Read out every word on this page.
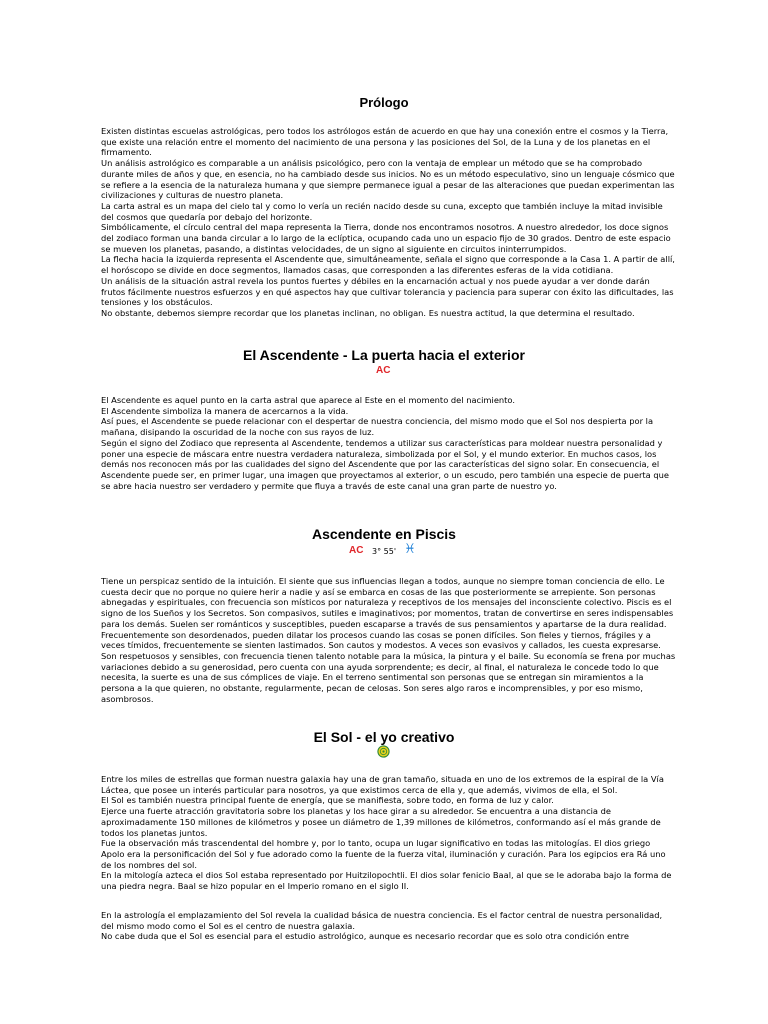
Prólogo

Existen distintas escuelas astrológicas, pero todos los astrólogos están de acuerdo en que hay una conexión entre el cosmos y la Tierra, que existe una relación entre el momento del nacimiento de una persona y las posiciones del Sol, de la Luna y de los planetas en el firmamento.

Un análisis astrológico es comparable a un análisis psicológico, pero con la ventaja de emplear un método que se ha comprobado durante miles de años y que, en esencia, no ha cambiado desde sus inicios. No es un método especulativo, sino un lenguaje cósmico que se refiere a la esencia de la naturaleza humana y que siempre permanece igual a pesar de las alteraciones que puedan experimentan las civilizaciones y culturas de nuestro planeta.

La carta astral es un mapa del cielo tal y como lo vería un recién nacido desde su cuna, excepto que también incluye la mitad invisible del cosmos que quedaría por debajo del horizonte.

Simbólicamente, el círculo central del mapa representa la Tierra, donde nos encontramos nosotros. A nuestro alrededor, los doce signos del zodiaco forman una banda circular a lo largo de la eclíptica, ocupando cada uno un espacio fijo de 30 grados. Dentro de este espacio se mueven los planetas, pasando, a distintas velocidades, de un signo al siguiente en circuitos ininterrumpidos.

La flecha hacia la izquierda representa el Ascendente que, simultáneamente, señala el signo que corresponde a la Casa 1. A partir de allí, el horóscopo se divide en doce segmentos, llamados casas, que corresponden a las diferentes esferas de la vida cotidiana.

Un análisis de la situación astral revela los puntos fuertes y débiles en la encarnación actual y nos puede ayudar a ver donde darán frutos fácilmente nuestros esfuerzos y en qué aspectos hay que cultivar tolerancia y paciencia para superar con éxito las dificultades, las tensiones y los obstáculos.

No obstante, debemos siempre recordar que los planetas inclinan, no obligan. Es nuestra actitud, la que determina el resultado.

El Ascendente - La puerta hacia el exterior
AC

El Ascendente es aquel punto en la carta astral que aparece al Este en el momento del nacimiento.

El Ascendente simboliza la manera de acercarnos a la vida.

Así pues, el Ascendente se puede relacionar con el despertar de nuestra conciencia, del mismo modo que el Sol nos despierta por la mañana, disipando la oscuridad de la noche con sus rayos de luz.

Según el signo del Zodiaco que representa al Ascendente, tendemos a utilizar sus características para moldear nuestra personalidad y poner una especie de máscara entre nuestra verdadera naturaleza, simbolizada por el Sol, y el mundo exterior. En muchos casos, los demás nos reconocen más por las cualidades del signo del Ascendente que por las características del signo solar. En consecuencia, el Ascendente puede ser, en primer lugar, una imagen que proyectamos al exterior, o un escudo, pero también una especie de puerta que se abre hacia nuestro ser verdadero y permite que fluya a través de este canal una gran parte de nuestro yo.

Ascendente en Piscis
AC 3° 55' ♓

Tiene un perspicaz sentido de la intuición. El siente que sus influencias llegan a todos, aunque no siempre toman conciencia de ello. Le cuesta decir que no porque no quiere herir a nadie y así se embarca en cosas de las que posteriormente se arrepiente. Son personas abnegadas y espirituales, con frecuencia son místicos por naturaleza y receptivos de los mensajes del inconsciente colectivo. Piscis es el signo de los Sueños y los Secretos. Son compasivos, sutiles e imaginativos; por momentos, tratan de convertirse en seres indispensables para los demás. Suelen ser románticos y susceptibles, pueden escaparse a través de sus pensamientos y apartarse de la dura realidad. Frecuentemente son desordenados, pueden dilatar los procesos cuando las cosas se ponen difíciles. Son fieles y tiernos, frágiles y a veces tímidos, frecuentemente se sienten lastimados. Son cautos y modestos. A veces son evasivos y callados, les cuesta expresarse. Son respetuosos y sensibles, con frecuencia tienen talento notable para la música, la pintura y el baile. Su economía se frena por muchas variaciones debido a su generosidad, pero cuenta con una ayuda sorprendente; es decir, al final, el naturaleza le concede todo lo que necesita, la suerte es una de sus cómplices de viaje. En el terreno sentimental son personas que se entregan sin miramientos a la persona a la que quieren, no obstante, regularmente, pecan de celosas. Son seres algo raros e incomprensibles, y por eso mismo, asombrosos.

El Sol - el yo creativo

Entre los miles de estrellas que forman nuestra galaxia hay una de gran tamaño, situada en uno de los extremos de la espiral de la Vía Láctea, que posee un interés particular para nosotros, ya que existimos cerca de ella y, que además, vivimos de ella, el Sol.

El Sol es también nuestra principal fuente de energía, que se manifiesta, sobre todo, en forma de luz y calor.

Ejerce una fuerte atracción gravitatoria sobre los planetas y los hace girar a su alrededor. Se encuentra a una distancia de aproximadamente 150 millones de kilómetros y posee un diámetro de 1,39 millones de kilómetros, conformando así el más grande de todos los planetas juntos.

Fue la observación más trascendental del hombre y, por lo tanto, ocupa un lugar significativo en todas las mitologías. El dios griego Apolo era la personificación del Sol y fue adorado como la fuente de la fuerza vital, iluminación y curación. Para los egipcios era Rá uno de los nombres del sol.

En la mitología azteca el dios Sol estaba representado por Huitzilopochtli. El dios solar fenicio Baal, al que se le adoraba bajo la forma de una piedra negra. Baal se hizo popular en el Imperio romano en el siglo II.

En la astrología el emplazamiento del Sol revela la cualidad básica de nuestra conciencia. Es el factor central de nuestra personalidad, del mismo modo como el Sol es el centro de nuestra galaxia.

No cabe duda que el Sol es esencial para el estudio astrológico, aunque es necesario recordar que es solo otra condición entre
